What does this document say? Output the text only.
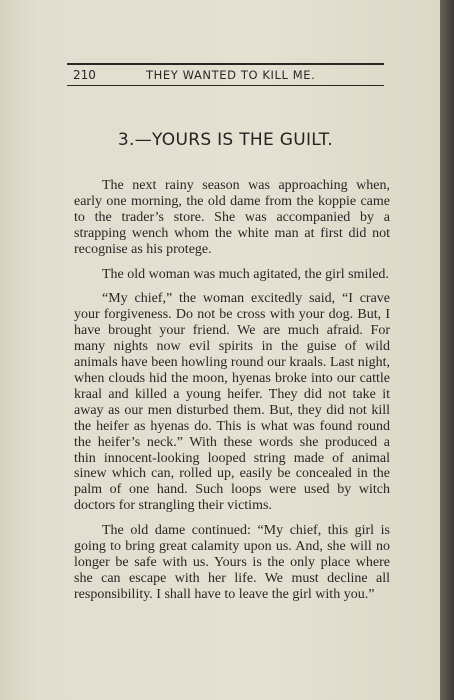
210	THEY WANTED TO KILL ME.
3.—YOURS IS THE GUILT.

The next rainy season was approaching when, early one morning, the old dame from the koppie came to the trader’s store. She was accompanied by a strapping wench whom the white man at first did not recognise as his protege.

The old woman was much agitated, the girl smiled.

“My chief,” the woman excitedly said, “I crave your forgiveness. Do not be cross with your dog. But, I have brought your friend. We are much afraid. For many nights now evil spirits in the guise of wild animals have been howling round our kraals. Last night, when clouds hid the moon, hyenas broke into our cattle kraal and killed a young heifer. They did not take it away as our men disturbed them. But, they did not kill the heifer as hyenas do. This is what was found round the heifer’s neck.” With these words she produced a thin innocent-looking looped string made of animal sinew which can, rolled up, easily be concealed in the palm of one hand. Such loops were used by witch doctors for strangling their victims.

The old dame continued: “My chief, this girl is going to bring great calamity upon us. And, she will no longer be safe with us. Yours is the only place where she can escape with her life. We must decline all responsibility. I shall have to leave the girl with you.”
